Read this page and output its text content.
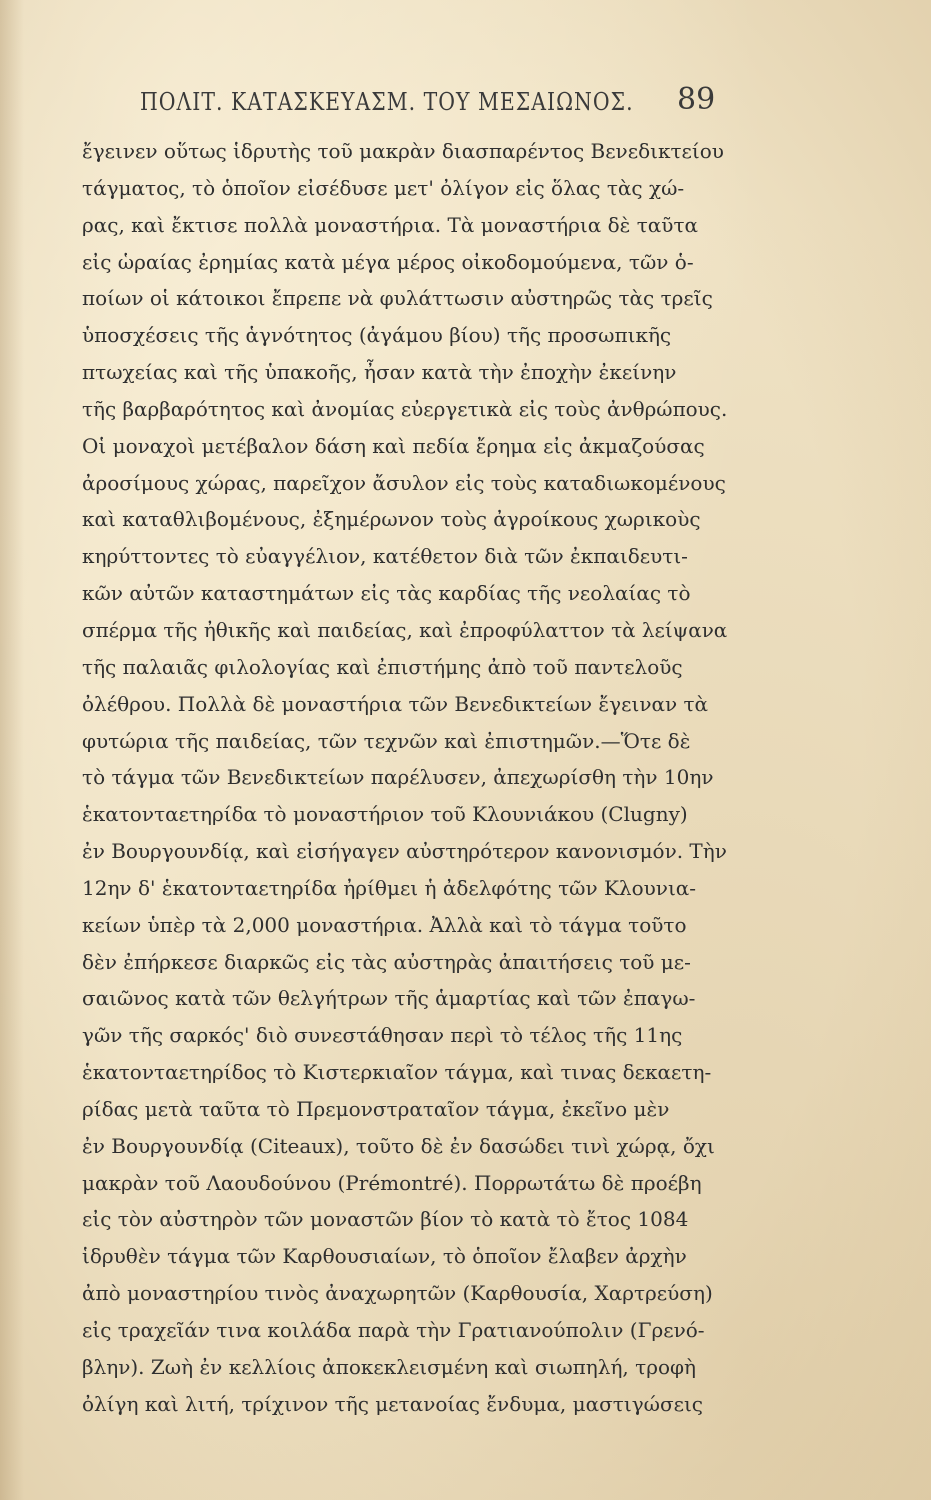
ΠΟΛΙΤ. ΚΑΤΑΣΚΕΥΑΣΜ. ΤΟΥ ΜΕΣΑΙΩΝΟΣ. 89
ἔγεινεν οὕτως ἱδρυτὴς τοῦ μακρὰν διασπαρέντος Βενεδικτείου
τάγματος, τὸ ὁποῖον εἰσέδυσε μετ' ὀλίγον εἰς ὅλας τὰς χώ-
ρας, καὶ ἔκτισε πολλὰ μοναστήρια. Τὰ μοναστήρια δὲ ταῦτα
εἰς ὡραίας ἐρημίας κατὰ μέγα μέρος οἰκοδομούμενα, τῶν ὁ-
ποίων οἱ κάτοικοι ἔπρεπε νὰ φυλάττωσιν αὐστηρῶς τὰς τρεῖς
ὑποσχέσεις τῆς ἁγνότητος (ἀγάμου βίου) τῆς προσωπικῆς
πτωχείας καὶ τῆς ὑπακοῆς, ἦσαν κατὰ τὴν ἐποχὴν ἐκείνην
τῆς βαρβαρότητος καὶ ἀνομίας εὐεργετικὰ εἰς τοὺς ἀνθρώπους.
Οἱ μοναχοὶ μετέβαλον δάση καὶ πεδία ἔρημα εἰς ἀκμαζούσας
ἀροσίμους χώρας, παρεῖχον ἄσυλον εἰς τοὺς καταδιωκομένους
καὶ καταθλιβομένους, ἐξημέρωνον τοὺς ἀγροίκους χωρικοὺς
κηρύττοντες τὸ εὐαγγέλιον, κατέθετον διὰ τῶν ἐκπαιδευτι-
κῶν αὐτῶν καταστημάτων εἰς τὰς καρδίας τῆς νεολαίας τὸ
σπέρμα τῆς ἠθικῆς καὶ παιδείας, καὶ ἐπροφύλαττον τὰ λείψανα
τῆς παλαιᾶς φιλολογίας καὶ ἐπιστήμης ἀπὸ τοῦ παντελοῦς
ὀλέθρου. Πολλὰ δὲ μοναστήρια τῶν Βενεδικτείων ἔγειναν τὰ
φυτώρια τῆς παιδείας, τῶν τεχνῶν καὶ ἐπιστημῶν.—Ὅτε δὲ
τὸ τάγμα τῶν Βενεδικτείων παρέλυσεν, ἀπεχωρίσθη τὴν 10ην
ἑκατονταετηρίδα τὸ μοναστήριον τοῦ Κλουνιάκου (Clugny)
ἐν Βουργουνδίᾳ, καὶ εἰσήγαγεν αὐστηρότερον κανονισμόν. Τὴν
12ην δ' ἑκατονταετηρίδα ἠρίθμει ἡ ἀδελφότης τῶν Κλουνια-
κείων ὑπὲρ τὰ 2,000 μοναστήρια. Ἀλλὰ καὶ τὸ τάγμα τοῦτο
δὲν ἐπήρκεσε διαρκῶς εἰς τὰς αὐστηρὰς ἀπαιτήσεις τοῦ με-
σαιῶνος κατὰ τῶν θελγήτρων τῆς ἁμαρτίας καὶ τῶν ἐπαγω-
γῶν τῆς σαρκός' διὸ συνεστάθησαν περὶ τὸ τέλος τῆς 11ης
ἑκατονταετηρίδος τὸ Κιστερκιαῖον τάγμα, καὶ τινας δεκαετη-
ρίδας μετὰ ταῦτα τὸ Πρεμονστραταῖον τάγμα, ἐκεῖνο μὲν
ἐν Βουργουνδίᾳ (Citeaux), τοῦτο δὲ ἐν δασώδει τινὶ χώρᾳ, ὄχι
μακρὰν τοῦ Λαουδούνου (Prémontré). Πορρωτάτω δὲ προέβη
εἰς τὸν αὐστηρὸν τῶν μοναστῶν βίον τὸ κατὰ τὸ ἔτος 1084
ἱδρυθὲν τάγμα τῶν Καρθουσιαίων, τὸ ὁποῖον ἔλαβεν ἀρχὴν
ἀπὸ μοναστηρίου τινὸς ἀναχωρητῶν (Καρθουσία, Χαρτρεύση)
εἰς τραχεῖάν τινα κοιλάδα παρὰ τὴν Γρατιανούπολιν (Γρενό-
βλην). Ζωὴ ἐν κελλίοις ἀποκεκλεισμένη καὶ σιωπηλή, τροφὴ
ὀλίγη καὶ λιτή, τρίχινον τῆς μετανοίας ἔνδυμα, μαστιγώσεις
